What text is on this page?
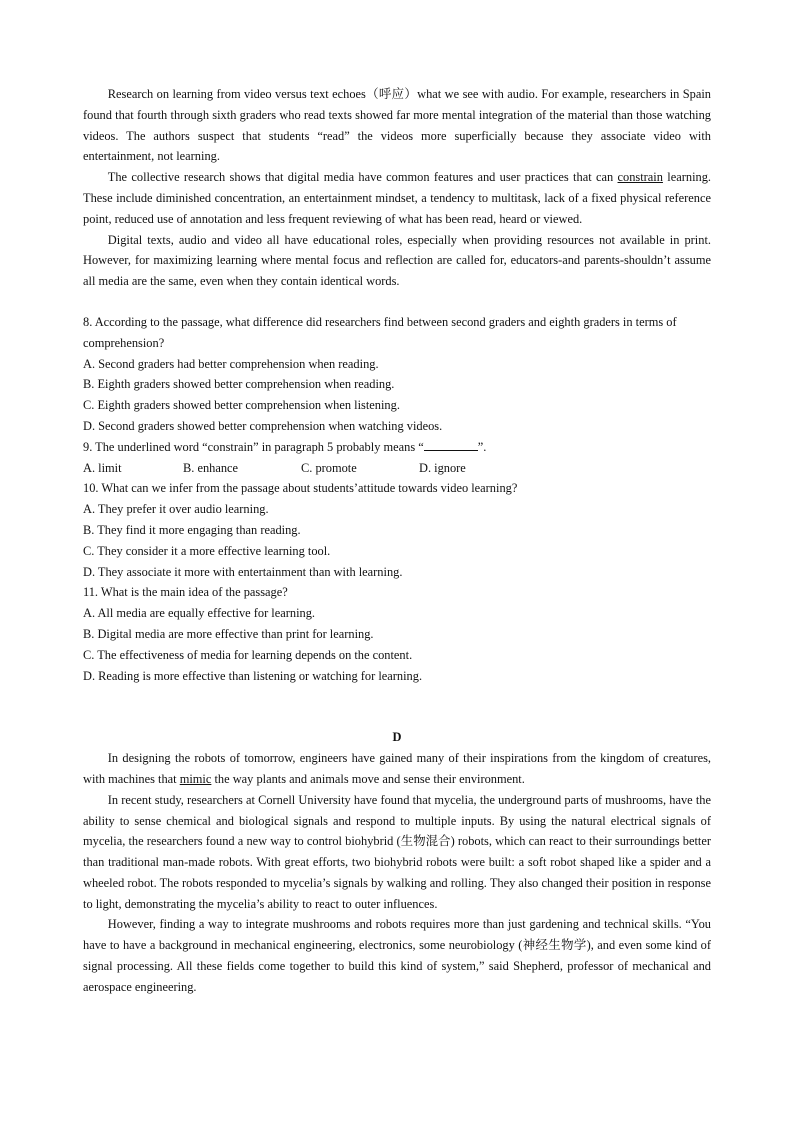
Research on learning from video versus text echoes（呼应）what we see with audio. For example, researchers in Spain found that fourth through sixth graders who read texts showed far more mental integration of the material than those watching videos. The authors suspect that students “read” the videos more superficially because they associate video with entertainment, not learning.

The collective research shows that digital media have common features and user practices that can constrain learning. These include diminished concentration, an entertainment mindset, a tendency to multitask, lack of a fixed physical reference point, reduced use of annotation and less frequent reviewing of what has been read, heard or viewed.

Digital texts, audio and video all have educational roles, especially when providing resources not available in print. However, for maximizing learning where mental focus and reflection are called for, educators-and parents-shouldn’t assume all media are the same, even when they contain identical words.

8. According to the passage, what difference did researchers find between second graders and eighth graders in terms of comprehension?

A. Second graders had better comprehension when reading.

B. Eighth graders showed better comprehension when reading.

C. Eighth graders showed better comprehension when listening.

D. Second graders showed better comprehension when watching videos.

9. The underlined word “constrain” in paragraph 5 probably means “	”.

A. limit	B. enhance	C. promote	D. ignore

10. What can we infer from the passage about students’attitude towards video learning?

A. They prefer it over audio learning.

B. They find it more engaging than reading.

C. They consider it a more effective learning tool.

D. They associate it more with entertainment than with learning.

11. What is the main idea of the passage?

A. All media are equally effective for learning.

B. Digital media are more effective than print for learning.

C. The effectiveness of media for learning depends on the content.

D. Reading is more effective than listening or watching for learning.

D

In designing the robots of tomorrow, engineers have gained many of their inspirations from the kingdom of creatures, with machines that mimic the way plants and animals move and sense their environment.

In recent study, researchers at Cornell University have found that mycelia, the underground parts of mushrooms, have the ability to sense chemical and biological signals and respond to multiple inputs. By using the natural electrical signals of mycelia, the researchers found a new way to control biohybrid (生物混合) robots, which can react to their surroundings better than traditional man-made robots. With great efforts, two biohybrid robots were built: a soft robot shaped like a spider and a wheeled robot. The robots responded to mycelia’s signals by walking and rolling. They also changed their position in response to light, demonstrating the mycelia’s ability to react to outer influences.

However, finding a way to integrate mushrooms and robots requires more than just gardening and technical skills. “You have to have a background in mechanical engineering, electronics, some neurobiology (神经生物学), and even some kind of signal processing. All these fields come together to build this kind of system,” said Shepherd, professor of mechanical and aerospace engineering.
